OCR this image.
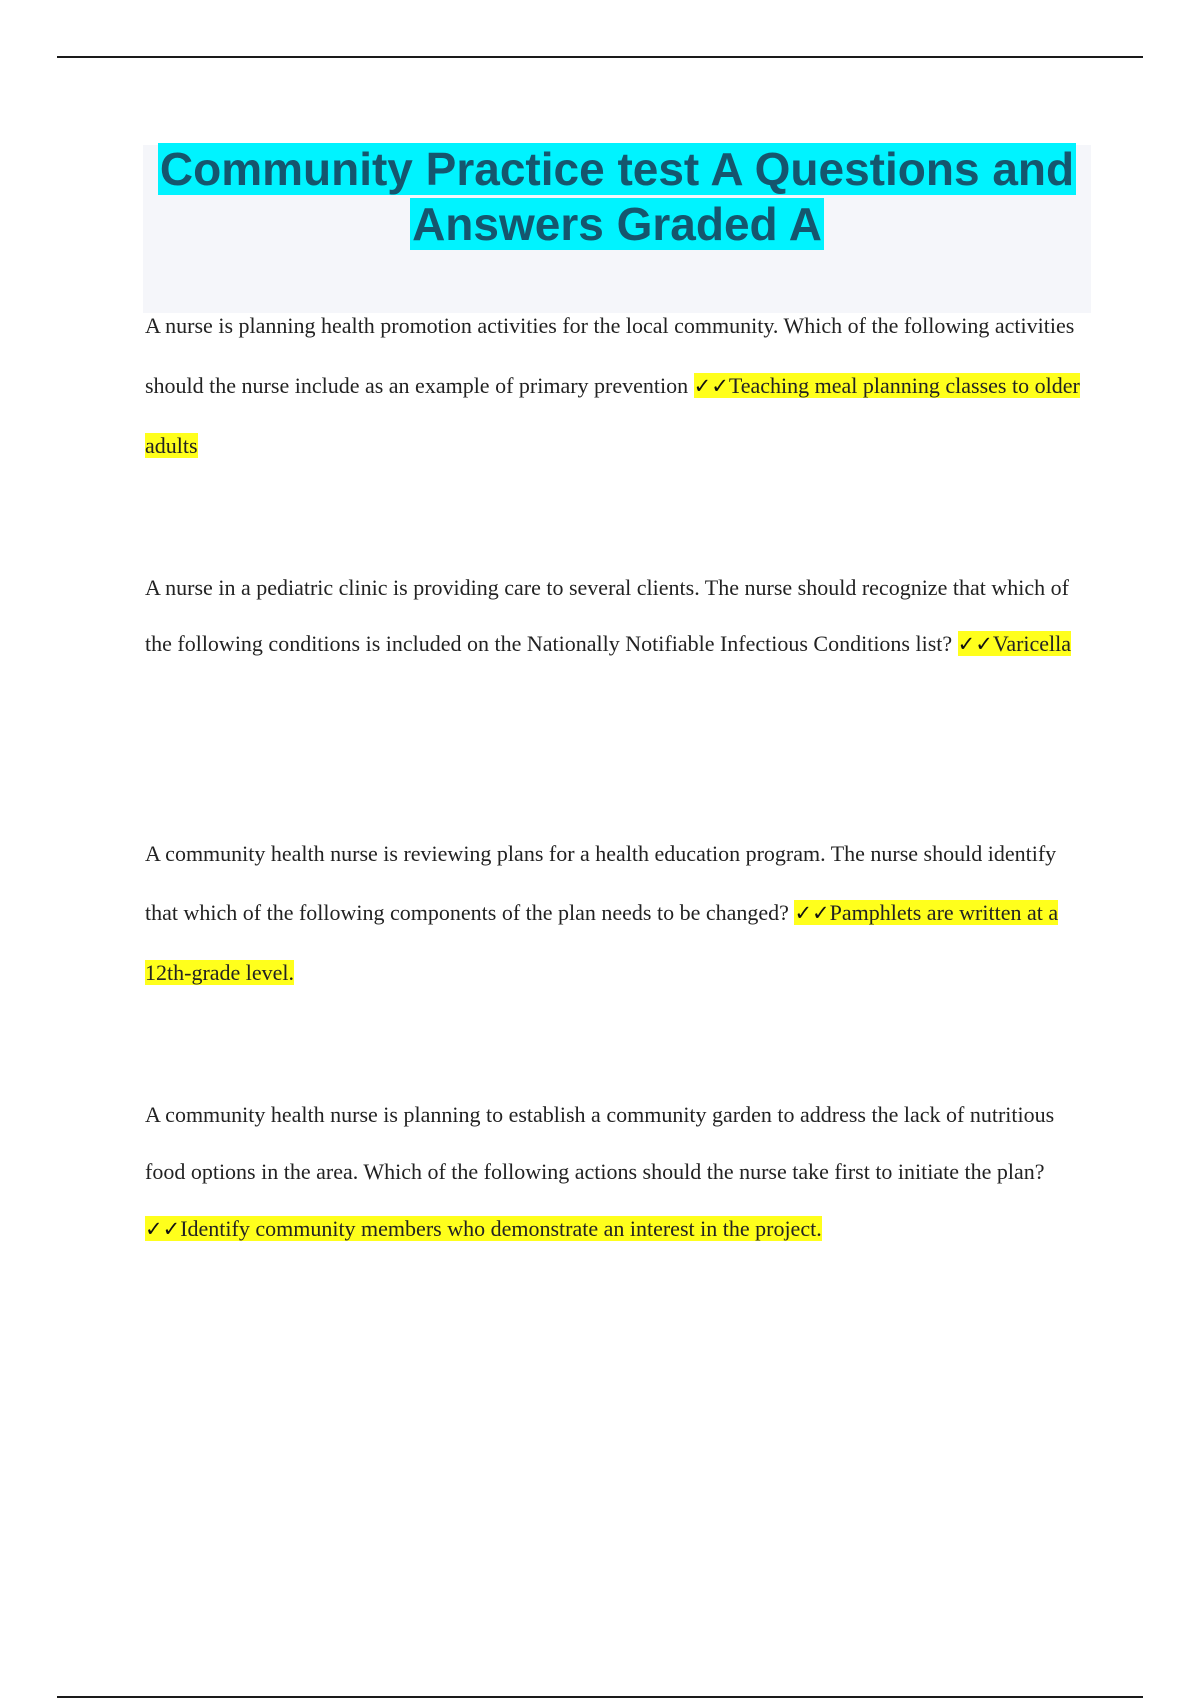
Community Practice test A Questions and Answers Graded A

A nurse is planning health promotion activities for the local community. Which of the following activities should the nurse include as an example of primary prevention ✓✓Teaching meal planning classes to older adults

A nurse in a pediatric clinic is providing care to several clients. The nurse should recognize that which of the following conditions is included on the Nationally Notifiable Infectious Conditions list? ✓✓Varicella

A community health nurse is reviewing plans for a health education program. The nurse should identify that which of the following components of the plan needs to be changed? ✓✓Pamphlets are written at a 12th-grade level.

A community health nurse is planning to establish a community garden to address the lack of nutritious food options in the area. Which of the following actions should the nurse take first to initiate the plan? ✓✓Identify community members who demonstrate an interest in the project.
